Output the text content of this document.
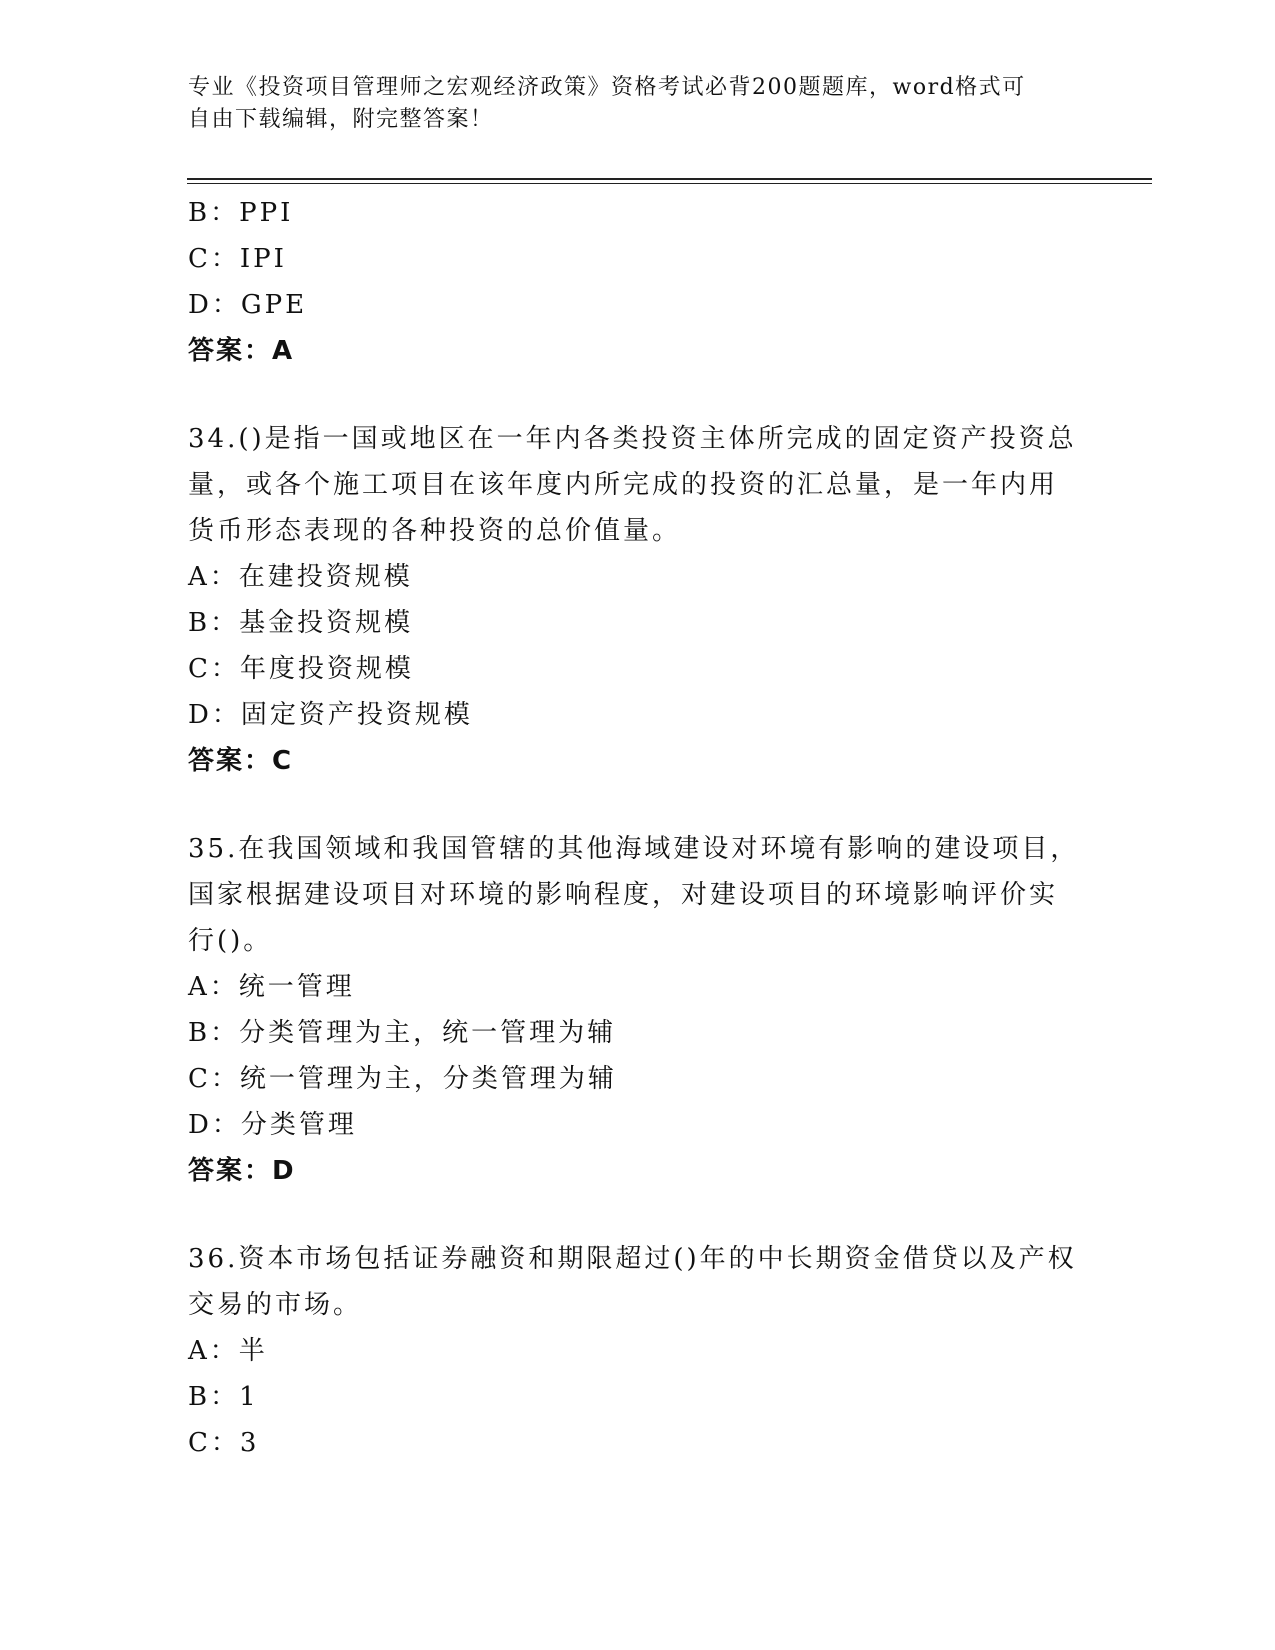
专业《投资项目管理师之宏观经济政策》资格考试必背200题题库，word格式可
自由下载编辑，附完整答案！
B：PPI
C：IPI
D：GPE
答案：A
34.()是指一国或地区在一年内各类投资主体所完成的固定资产投资总
量，或各个施工项目在该年度内所完成的投资的汇总量，是一年内用
货币形态表现的各种投资的总价值量。
A：在建投资规模
B：基金投资规模
C：年度投资规模
D：固定资产投资规模
答案：C
35.在我国领域和我国管辖的其他海域建设对环境有影响的建设项目，
国家根据建设项目对环境的影响程度，对建设项目的环境影响评价实
行()。
A：统一管理
B：分类管理为主，统一管理为辅
C：统一管理为主，分类管理为辅
D：分类管理
答案：D
36.资本市场包括证券融资和期限超过()年的中长期资金借贷以及产权
交易的市场。
A：半
B：1
C：3
